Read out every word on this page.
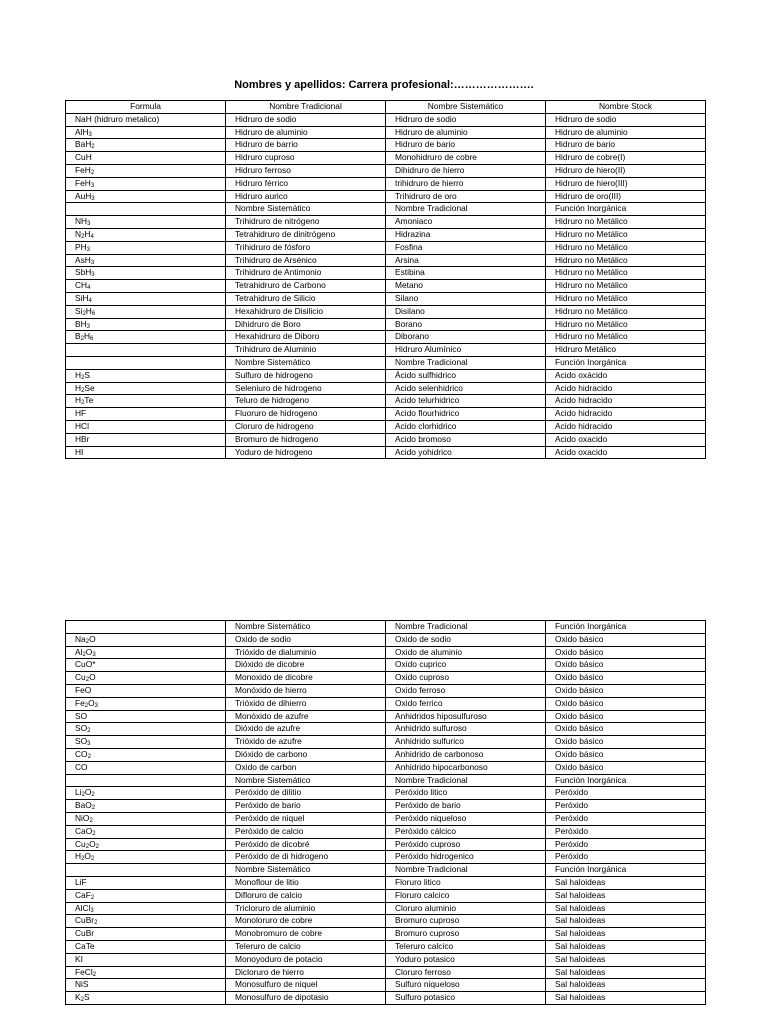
Nombres y apellidos: Carrera profesional:………………….
Formula	Nombre Tradicional	Nombre Sistemático	Nombre Stock
NaH (hidruro metalico)	Hidruro de sodio	Hidruro de sodio	Hidruro de sodio
AlH$_3$	Hidruro de aluminio	Hidruro de aluminio	Hidruro de aluminio
BaH$_2$	Hidruro de barrio	Hidruro de bario	Hidruro de bario
CuH	Hidruro cuproso	Monohidruro de cobre	Hidruro de cobre(I)
FeH$_2$	Hidruro ferroso	Dihidruro de hierro	Hidruro de hiero(II)
FeH$_3$	Hidruro férrico	trihidruro de hierro	Hidruro de hiero(III)
AuH$_3$	Hidruro aurico	Trihidruro de oro	Hidruro de oro(III)
	Nombre Sistemático	Nombre Tradicional	Función Inorgánica
$NH_3$	Trihidruro de nitrógeno	Amoniaco	Hidruro no Metálico
$N_2H_4$	Tetrahidruro de dinitrógeno	Hidrazina	Hidruro no Metálico
$PH_3$	Trihidruro de fósforo	Fosfina	Hidruro no Metálico
AsH$_3$	Trihidruro de Arsénico	Arsina	Hidruro no Metálico
SbH$_3$	Trihidruro de Antimonio	Estibina	Hidruro no Metálico
$CH_4$	Tetrahidruro de Carbono	Metano	Hidruro no Metálico
SiH$_4$	Tetrahidruro de Silicio	Silano	Hidruro no Metálico
$Si_2H_6$	Hexahidruro de Disilicio	Disilano	Hidruro no Metálico
$BH_3$	Dihidruro de Boro	Borano	Hidruro no Metálico
$B_2H_6$	Hexahidruro de Diboro	Diborano	Hidruro no Metálico
	Trihidruro de Aluminio	Hidruro Alumínico	Hidruro Metálico
	Nombre Sistemático	Nombre Tradicional	Función Inorgánica
$H_2S$	Sulfuro de hidrogeno	Ácido sulfhidrico	Acido oxácido
$H_2Se$	Seleniuro de hidrogeno	Acido selenhidrico	Acido hidracido
$H_2Te$	Teluro de hidrogeno	Acido telurhidrico	Acido hidracido
HF	Fluoruro de hidrogeno	Acido flourhidrico	Acido hidracido
HCl	Cloruro de hidrogeno	Acido clorhidrico	Acido hidracido
HBr	Bromuro de hidrogeno	Acido bromoso	Acido oxacido
HI	Yoduro de hidrogeno	Acido yohidrico	Acido oxacido
	Nombre Sistemático	Nombre Tradicional	Función Inorgánica
$Na_2O$	Oxido de sodio	Oxido de sodio	Oxido básico
$Al_2O_3$	Trióxido de dialuminio	Oxido de aluminio	Oxido básico
CuO*	Dióxido de dicobre	Oxido cuprico	Oxido básico
$Cu_2O$	Monoxido de dicobre	Oxido cuproso	Oxido básico
FeO	Monóxido de hierro	Oxido ferroso	Oxido básico
$Fe_2O_3$	Trióxido de dihierro	Oxido ferrico	Oxido básico
SO	Monóxido de azufre	Anhidridos hiposulfuroso	Oxido básico
$SO_2$	Dióxido de azufre	Anhidrido sulfuroso	Oxido básico
$SO_3$	Trióxido de azufre	Anhidrido sulfurico	Oxido básico
$CO_2$	Dióxido de carbono	Anhidrido de carbonoso	Oxido básico
CO	Oxido de carbon	Anhidrido hipocarbonoso	Oxido básico
	Nombre Sistemático	Nombre Tradicional	Función Inorgánica
$Li_2O_2$	Peróxido de dilitio	Peróxido litico	Peróxido
BaO$_2$	Peróxido de bario	Peróxido de bario	Peróxido
NiO$_2$	Peróxido de niquel	Peróxido niqueloso	Peróxido
CaO$_2$	Peróxido de calcio	Peróxido cálcico	Peróxido
$Cu_2O_2$	Peróxido de dicobré	Peróxido cuproso	Peróxido
$H_2O_2$	Peróxido de di hidrogeno	Peróxido hidrogenico	Peróxido
	Nombre Sistemático	Nombre Tradicional	Función Inorgánica
LiF	Monoflour de litio	Floruro litico	Sal haloideas
CaF$_2$	Difloruro de calcio	Floruro calcico	Sal haloideas
AlCl$_3$	Tricloruro de aluminio	Cloruro aluminio	Sal haloideas
CuBr$_2$	Monoloruro de cobre	Bromuro cuproso	Sal haloideas
CuBr	Monobromuro de cobre	Bromuro cuproso	Sal haloideas
CaTe	Teleruro de calcio	Teleruro calcico	Sal haloideas
KI	Monoyoduro de potacio	Yoduro potasico	Sal haloideas
FeCl$_2$	Dicloruro de hierro	Cloruro ferroso	Sal haloideas
NiS	Monosulfuro de niquel	Sulfuro niqueloso	Sal haloideas
$K_2S$	Monosulfuro de dipotasio	Sulfuro potasico	Sal haloideas
